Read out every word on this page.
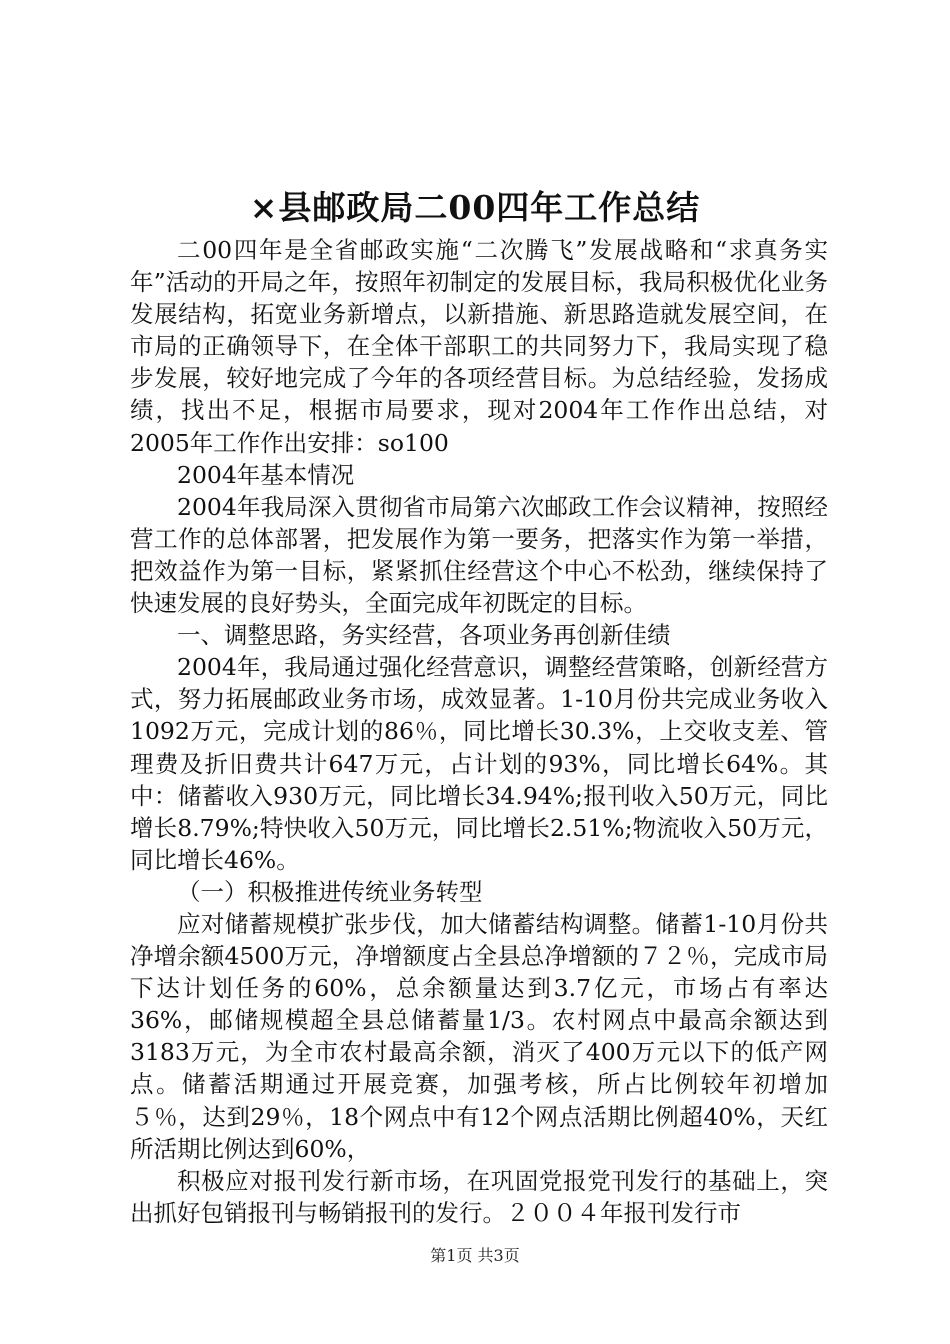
×县邮政局二00四年工作总结

二00四年是全省邮政实施“二次腾飞”发展战略和“求真务实年”活动的开局之年，按照年初制定的发展目标，我局积极优化业务发展结构，拓宽业务新增点，以新措施、新思路造就发展空间，在市局的正确领导下，在全体干部职工的共同努力下，我局实现了稳步发展，较好地完成了今年的各项经营目标。为总结经验，发扬成绩，找出不足，根据市局要求，现对2004年工作作出总结，对2005年工作作出安排：so100

2004年基本情况

2004年我局深入贯彻省市局第六次邮政工作会议精神，按照经营工作的总体部署，把发展作为第一要务，把落实作为第一举措，把效益作为第一目标，紧紧抓住经营这个中心不松劲，继续保持了快速发展的良好势头，全面完成年初既定的目标。

一、调整思路，务实经营，各项业务再创新佳绩

2004年，我局通过强化经营意识，调整经营策略，创新经营方式，努力拓展邮政业务市场，成效显著。1-10月份共完成业务收入1092万元，完成计划的86％，同比增长30.3%，上交收支差、管理费及折旧费共计647万元，占计划的93%，同比增长64%。其中：储蓄收入930万元，同比增长34.94%;报刊收入50万元，同比增长8.79%;特快收入50万元，同比增长2.51%;物流收入50万元，同比增长46%。

（一）积极推进传统业务转型

应对储蓄规模扩张步伐，加大储蓄结构调整。储蓄1-10月份共净增余额4500万元，净增额度占全县总净增额的７２％，完成市局下达计划任务的60%，总余额量达到3.7亿元，市场占有率达36%，邮储规模超全县总储蓄量1/3。农村网点中最高余额达到3183万元，为全市农村最高余额，消灭了400万元以下的低产网点。储蓄活期通过开展竞赛，加强考核，所占比例较年初增加５％，达到29％，18个网点中有12个网点活期比例超40%，天红所活期比例达到60%，

积极应对报刊发行新市场，在巩固党报党刊发行的基础上，突出抓好包销报刊与畅销报刊的发行。２００４年报刊发行市

第1页 共3页
